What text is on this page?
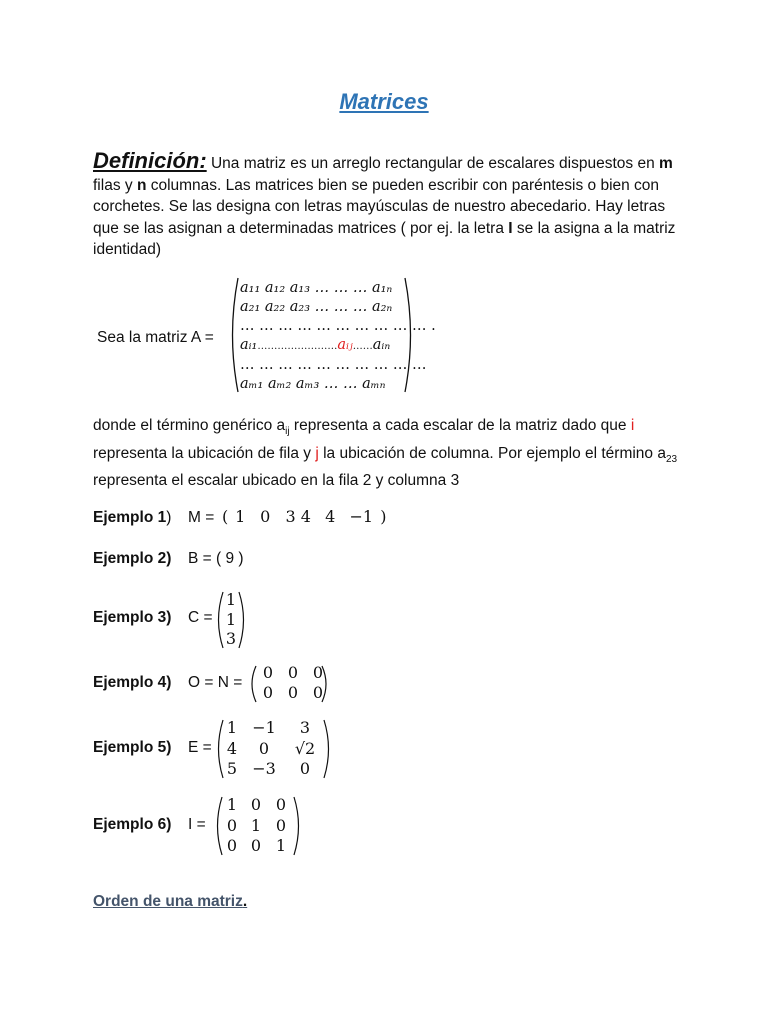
Matrices
Definición: Una matriz es un arreglo rectangular de escalares dispuestos en m filas y n columnas. Las matrices bien se pueden escribir con paréntesis o bien con corchetes. Se las designa con letras mayúsculas de nuestro abecedario. Hay letras que se las asignan a determinadas matrices ( por ej. la letra I se la asigna a la matriz identidad)
Sea la matriz A =
a₁₁ a₁₂ a₁₃ … … … a₁ₙ
a₂₁ a₂₂ a₂₃ … … … a₂ₙ
… … … … … … … … … … .
aᵢ₁……………………aᵢⱼ……aᵢₙ
… … … … … … … … … …
aₘ₁ aₘ₂ aₘ₃ … … aₘₙ
donde el término genérico $a_{ij}$ representa a cada escalar de la matriz dado que i representa la ubicación de fila y j la ubicación de columna. Por ejemplo el término $a_{23}$ representa el escalar ubicado en la fila 2 y columna 3
Ejemplo 1) M = ( 1 0 3 4 4 −1 )
Ejemplo 2) B = ( 9 )
Ejemplo 3) C =
1
1
3
Ejemplo 4) O = N =
0 0 0
0 0 0
Ejemplo 5) E =
1 −1 3
4 0 √2
5 −3 0
Ejemplo 6) I =
1 0 0
0 1 0
0 0 1
Orden de una matriz.
